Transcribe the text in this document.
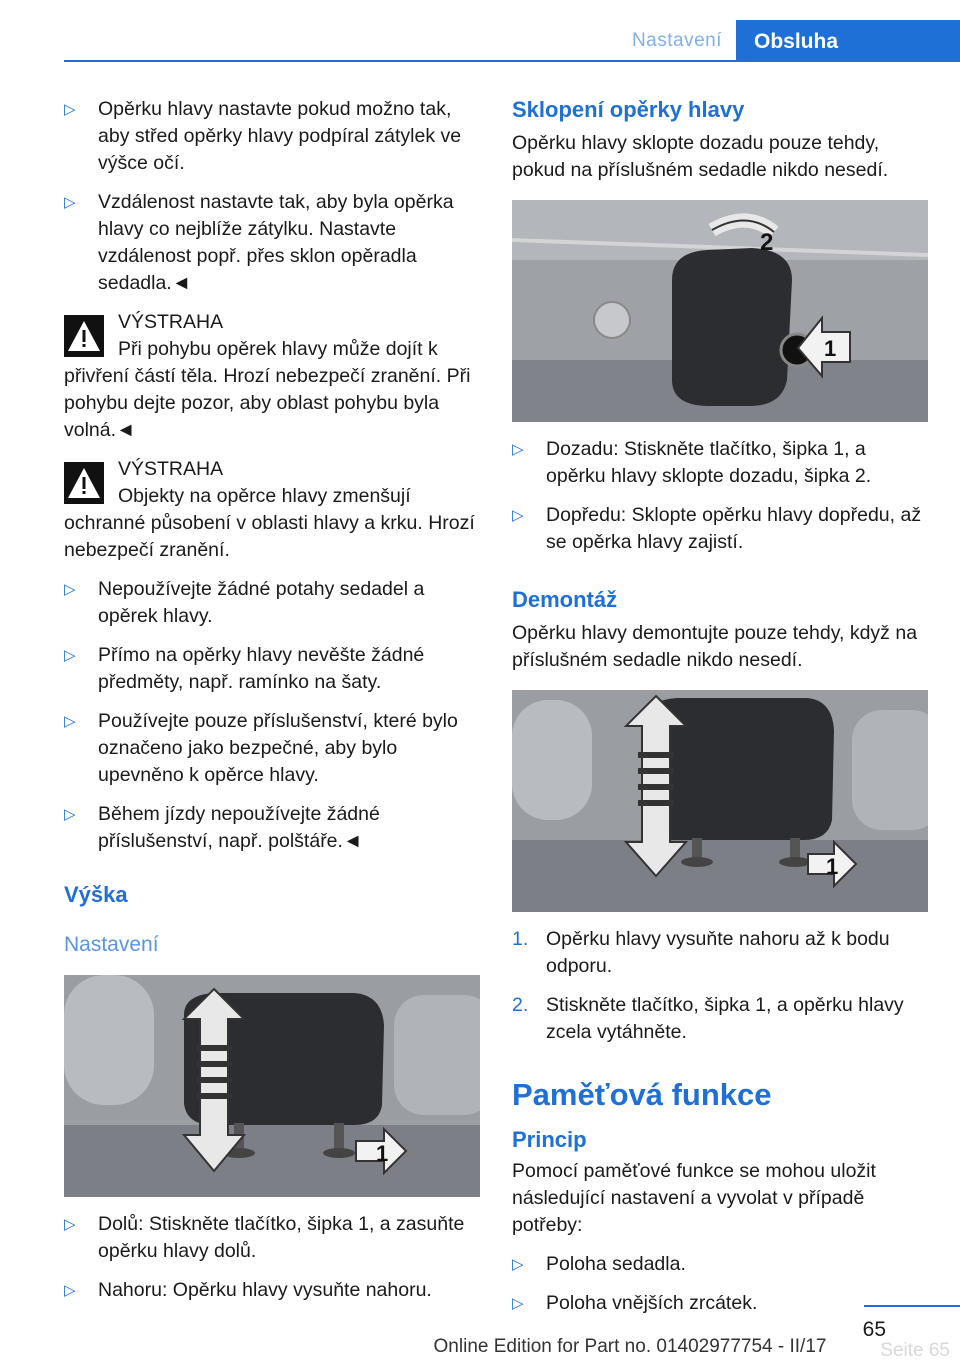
Nastavení	Obsluha
▷ Opěrku hlavy nastavte pokud možno tak, aby střed opěrky hlavy podpíral zátylek ve výšce očí.
▷ Vzdálenost nastavte tak, aby byla opěrka hlavy co nejblíže zátylku. Nastavte vzdálenost popř. přes sklon opěradla sedadla.◄
VÝSTRAHA
Při pohybu opěrek hlavy může dojít k přivření částí těla. Hrozí nebezpečí zranění. Při pohybu dejte pozor, aby oblast pohybu byla volná.◄
VÝSTRAHA
Objekty na opěrce hlavy zmenšují ochranné působení v oblasti hlavy a krku. Hrozí nebezpečí zranění.
▷ Nepoužívejte žádné potahy sedadel a opěrek hlavy.
▷ Přímo na opěrky hlavy nevěšte žádné předměty, např. ramínko na šaty.
▷ Používejte pouze příslušenství, které bylo označeno jako bezpečné, aby bylo upevněno k opěrce hlavy.
▷ Během jízdy nepoužívejte žádné příslušenství, např. polštáře.◄
Výška
Nastavení
1
▷ Dolů: Stiskněte tlačítko, šipka 1, a zasuňte opěrku hlavy dolů.
▷ Nahoru: Opěrku hlavy vysuňte nahoru.
Sklopení opěrky hlavy
Opěrku hlavy sklopte dozadu pouze tehdy, pokud na příslušném sedadle nikdo nesedí.
2
1
▷ Dozadu: Stiskněte tlačítko, šipka 1, a opěrku hlavy sklopte dozadu, šipka 2.
▷ Dopředu: Sklopte opěrku hlavy dopředu, až se opěrka hlavy zajistí.
Demontáž
Opěrku hlavy demontujte pouze tehdy, když na příslušném sedadle nikdo nesedí.
1
1. Opěrku hlavy vysuňte nahoru až k bodu odporu.
2. Stiskněte tlačítko, šipka 1, a opěrku hlavy zcela vytáhněte.
Paměťová funkce
Princip
Pomocí paměťové funkce se mohou uložit následující nastavení a vyvolat v případě potřeby:
▷ Poloha sedadla.
▷ Poloha vnějších zrcátek.
65
Online Edition for Part no. 01402977754 - II/17	Seite 65
